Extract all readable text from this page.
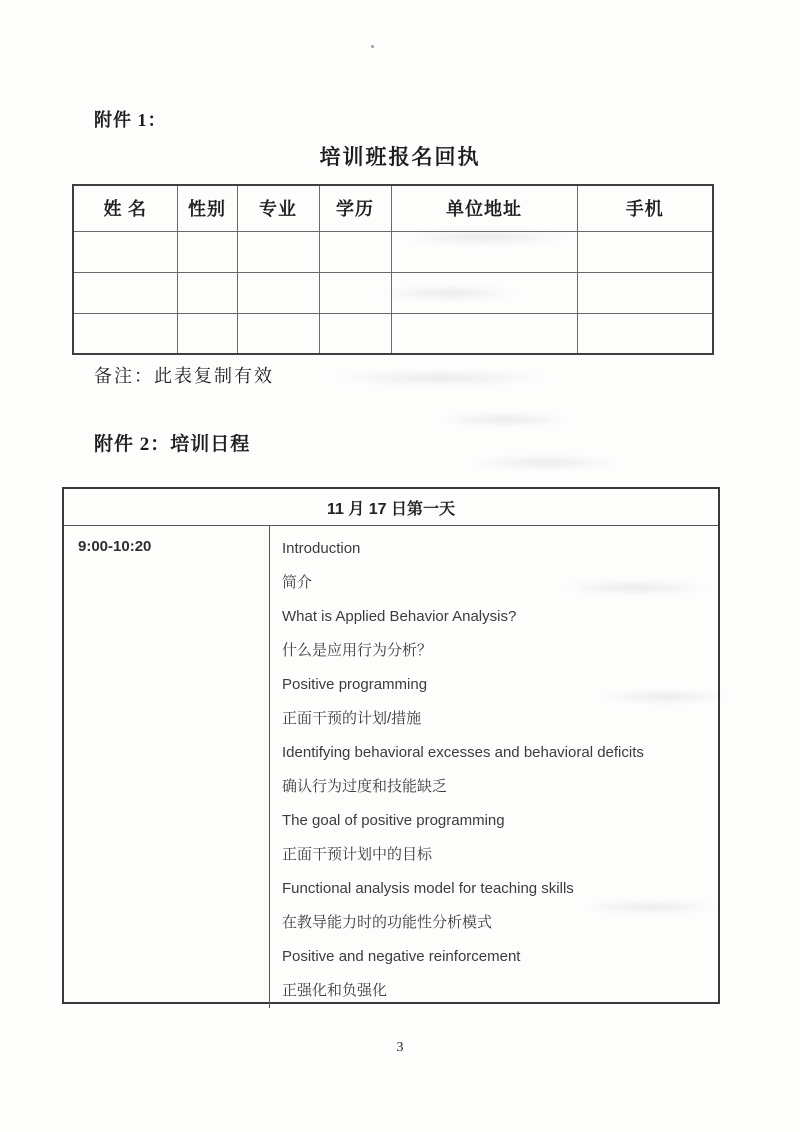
附件 1：
培训班报名回执
姓 名	性别	专业	学历	单位地址	手机

备注：此表复制有效
附件 2：培训日程
11 月 17 日第一天
9:00-10:20	Introduction
简介
What is Applied Behavior Analysis?
什么是应用行为分析？
Positive programming
正面干预的计划/措施
Identifying behavioral excesses and behavioral deficits
确认行为过度和技能缺乏
The goal of positive programming
正面干预计划中的目标
Functional analysis model for teaching skills
在教导能力时的功能性分析模式
Positive and negative reinforcement
正强化和负强化
3
